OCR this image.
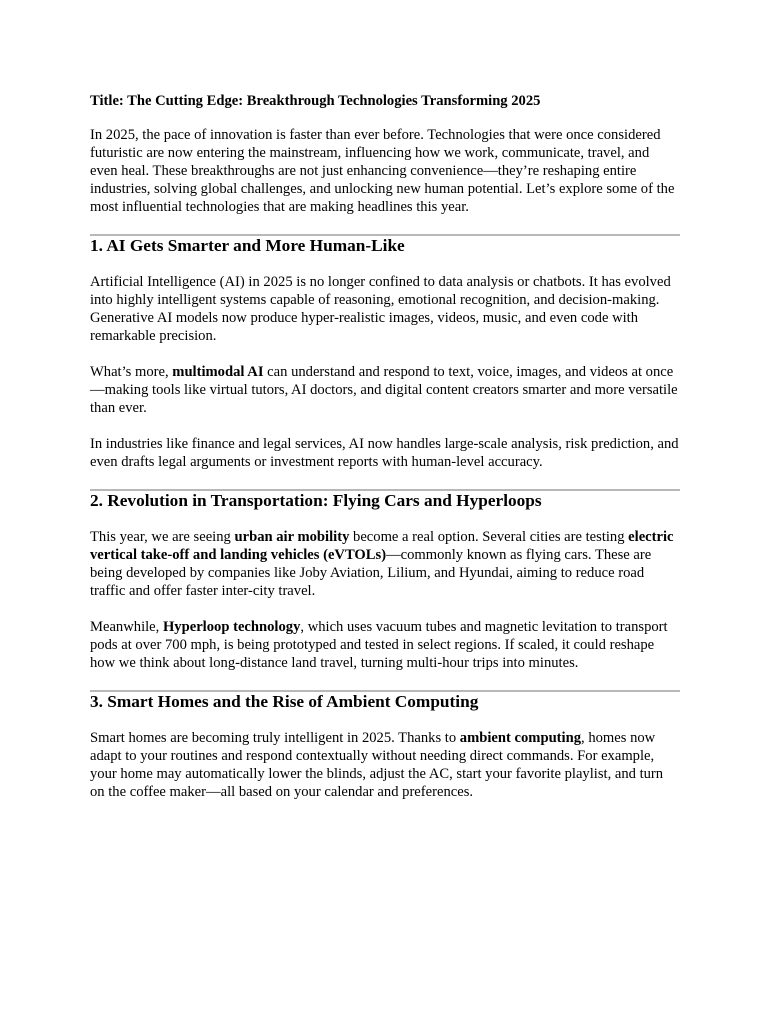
Title: The Cutting Edge: Breakthrough Technologies Transforming 2025

In 2025, the pace of innovation is faster than ever before. Technologies that were once considered futuristic are now entering the mainstream, influencing how we work, communicate, travel, and even heal. These breakthroughs are not just enhancing convenience—they’re reshaping entire industries, solving global challenges, and unlocking new human potential. Let’s explore some of the most influential technologies that are making headlines this year.

1. AI Gets Smarter and More Human-Like

Artificial Intelligence (AI) in 2025 is no longer confined to data analysis or chatbots. It has evolved into highly intelligent systems capable of reasoning, emotional recognition, and decision-making. Generative AI models now produce hyper-realistic images, videos, music, and even code with remarkable precision.

What’s more, multimodal AI can understand and respond to text, voice, images, and videos at once—making tools like virtual tutors, AI doctors, and digital content creators smarter and more versatile than ever.

In industries like finance and legal services, AI now handles large-scale analysis, risk prediction, and even drafts legal arguments or investment reports with human-level accuracy.

2. Revolution in Transportation: Flying Cars and Hyperloops

This year, we are seeing urban air mobility become a real option. Several cities are testing electric vertical take-off and landing vehicles (eVTOLs)—commonly known as flying cars. These are being developed by companies like Joby Aviation, Lilium, and Hyundai, aiming to reduce road traffic and offer faster inter-city travel.

Meanwhile, Hyperloop technology, which uses vacuum tubes and magnetic levitation to transport pods at over 700 mph, is being prototyped and tested in select regions. If scaled, it could reshape how we think about long-distance land travel, turning multi-hour trips into minutes.

3. Smart Homes and the Rise of Ambient Computing

Smart homes are becoming truly intelligent in 2025. Thanks to ambient computing, homes now adapt to your routines and respond contextually without needing direct commands. For example, your home may automatically lower the blinds, adjust the AC, start your favorite playlist, and turn on the coffee maker—all based on your calendar and preferences.
